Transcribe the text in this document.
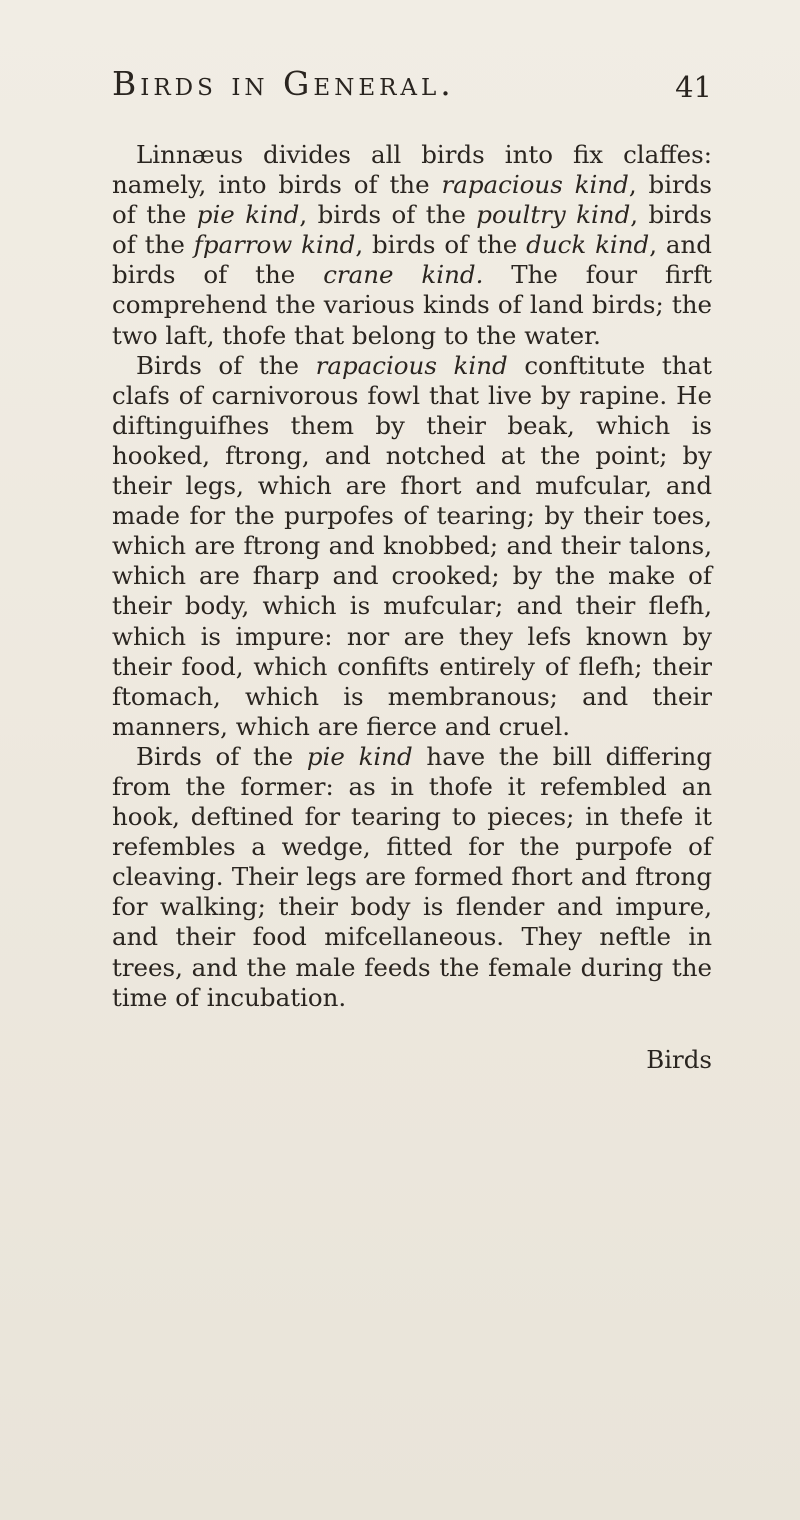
Birds in General.	41

Linnæus divides all birds into fix claffes: namely, into birds of the rapacious kind, birds of the pie kind, birds of the poultry kind, birds of the fparrow kind, birds of the duck kind, and birds of the crane kind. The four firft comprehend the various kinds of land birds; the two laft, thofe that belong to the water.

Birds of the rapacious kind conftitute that clafs of carnivorous fowl that live by rapine. He diftinguifhes them by their beak, which is hooked, ftrong, and notched at the point; by their legs, which are fhort and mufcular, and made for the purpofes of tearing; by their toes, which are ftrong and knobbed; and their talons, which are fharp and crooked; by the make of their body, which is mufcular; and their flefh, which is impure: nor are they lefs known by their food, which confifts entirely of flefh; their ftomach, which is membranous; and their manners, which are fierce and cruel.

Birds of the pie kind have the bill differing from the former: as in thofe it refembled an hook, deftined for tearing to pieces; in thefe it refembles a wedge, fitted for the purpofe of cleaving. Their legs are formed fhort and ftrong for walking; their body is flender and impure, and their food mifcellaneous. They neftle in trees, and the male feeds the female during the time of incubation.

Birds
